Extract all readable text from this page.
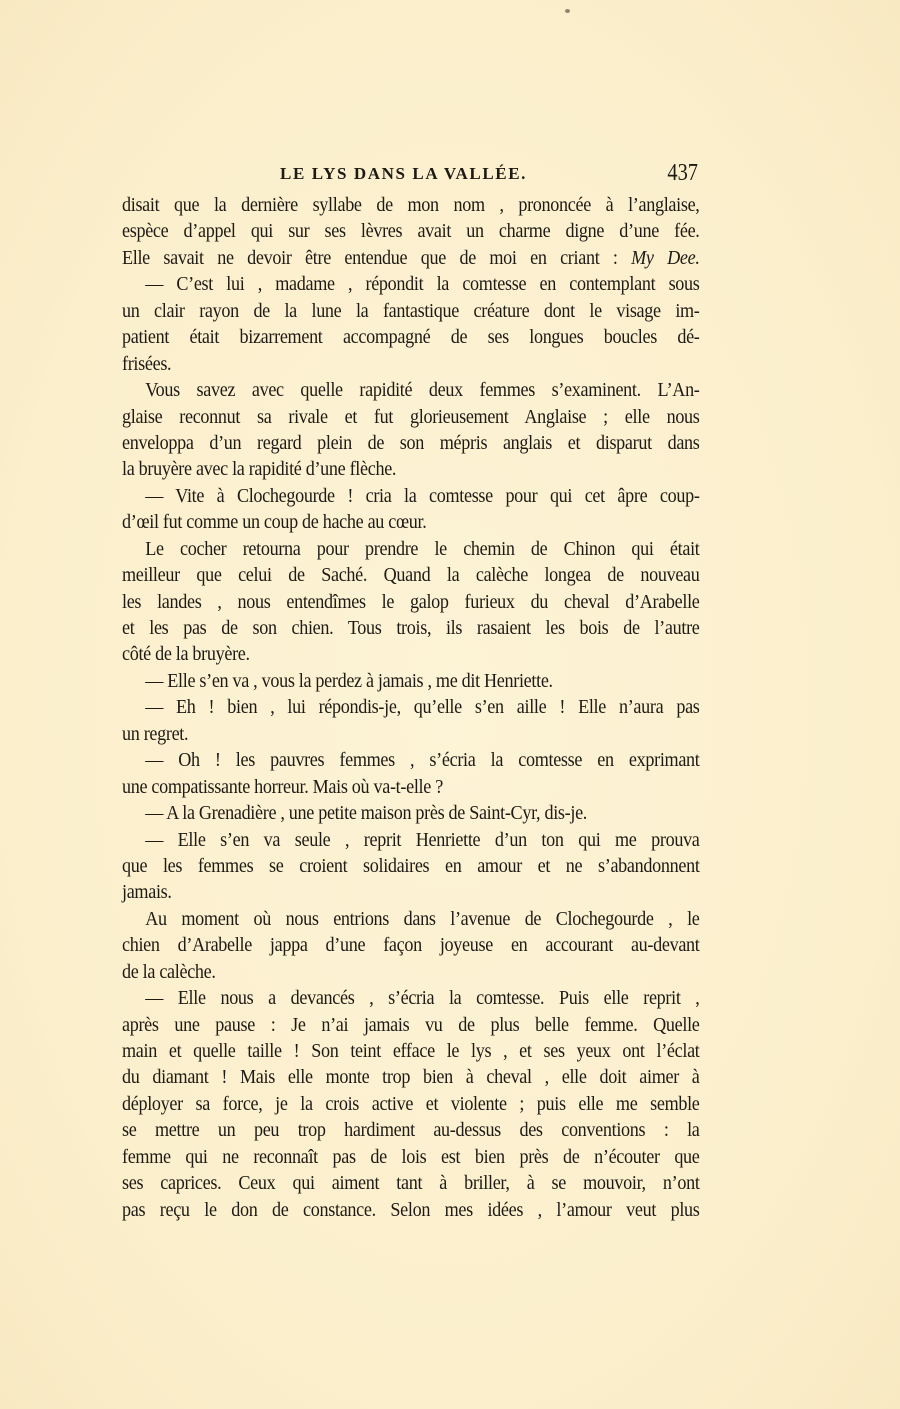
LE LYS DANS LA VALLÉE.	437
disait que la dernière syllabe de mon nom , prononcée à l’anglaise,
espèce d’appel qui sur ses lèvres avait un charme digne d’une fée.
Elle savait ne devoir être entendue que de moi en criant : My Dee.
— C’est lui , madame , répondit la comtesse en contemplant sous
un clair rayon de la lune la fantastique créature dont le visage im-
patient était bizarrement accompagné de ses longues boucles dé-
frisées.
Vous savez avec quelle rapidité deux femmes s’examinent. L’An-
glaise reconnut sa rivale et fut glorieusement Anglaise ; elle nous
enveloppa d’un regard plein de son mépris anglais et disparut dans
la bruyère avec la rapidité d’une flèche.
— Vite à Clochegourde ! cria la comtesse pour qui cet âpre coup-
d’œil fut comme un coup de hache au cœur.
Le cocher retourna pour prendre le chemin de Chinon qui était
meilleur que celui de Saché. Quand la calèche longea de nouveau
les landes , nous entendîmes le galop furieux du cheval d’Arabelle
et les pas de son chien. Tous trois, ils rasaient les bois de l’autre
côté de la bruyère.
— Elle s’en va , vous la perdez à jamais , me dit Henriette.
— Eh ! bien , lui répondis-je, qu’elle s’en aille ! Elle n’aura pas
un regret.
— Oh ! les pauvres femmes , s’écria la comtesse en exprimant
une compatissante horreur. Mais où va-t-elle ?
— A la Grenadière , une petite maison près de Saint-Cyr, dis-je.
— Elle s’en va seule , reprit Henriette d’un ton qui me prouva
que les femmes se croient solidaires en amour et ne s’abandonnent
jamais.
Au moment où nous entrions dans l’avenue de Clochegourde , le
chien d’Arabelle jappa d’une façon joyeuse en accourant au-devant
de la calèche.
— Elle nous a devancés , s’écria la comtesse. Puis elle reprit ,
après une pause : Je n’ai jamais vu de plus belle femme. Quelle
main et quelle taille ! Son teint efface le lys , et ses yeux ont l’éclat
du diamant ! Mais elle monte trop bien à cheval , elle doit aimer à
déployer sa force, je la crois active et violente ; puis elle me semble
se mettre un peu trop hardiment au-dessus des conventions : la
femme qui ne reconnaît pas de lois est bien près de n’écouter que
ses caprices. Ceux qui aiment tant à briller, à se mouvoir, n’ont
pas reçu le don de constance. Selon mes idées , l’amour veut plus
